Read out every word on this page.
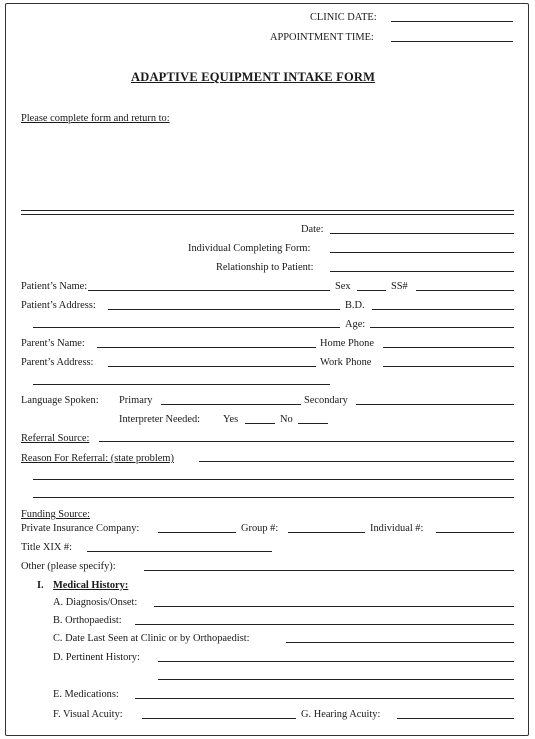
CLINIC DATE:
APPOINTMENT TIME:
ADAPTIVE EQUIPMENT INTAKE FORM
Please complete form and return to:
Date:
Individual Completing Form:
Relationship to Patient:
Patient’s Name:	Sex	SS#
Patient’s Address:	B.D.
Age:
Parent’s Name:	Home Phone
Parent’s Address:	Work Phone
Language Spoken: Primary	Secondary
Interpreter Needed: Yes	No
Referral Source:
Reason For Referral: (state problem)
Funding Source:
Private Insurance Company:	Group #:	Individual #:
Title XIX #:
Other (please specify):
I. Medical History:
A. Diagnosis/Onset:
B. Orthopaedist:
C. Date Last Seen at Clinic or by Orthopaedist:
D. Pertinent History:
E. Medications:
F. Visual Acuity:	G. Hearing Acuity:
